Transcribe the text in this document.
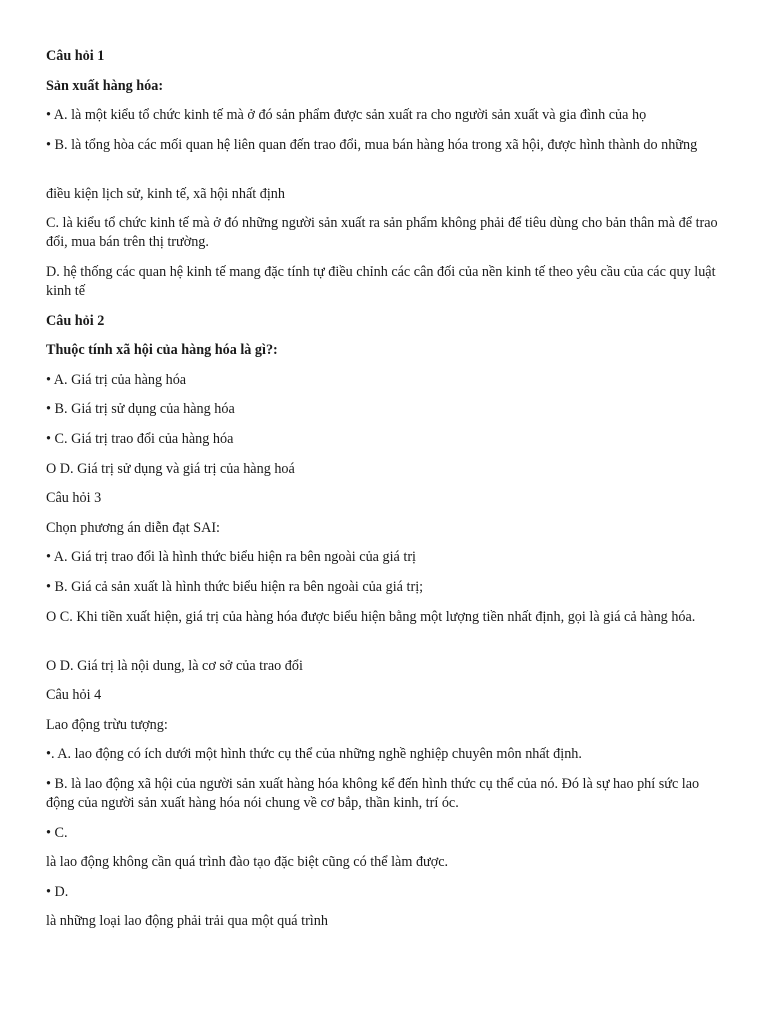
Câu hỏi 1

Sản xuất hàng hóa:

• A. là một kiểu tổ chức kinh tế mà ở đó sản phẩm được sản xuất ra cho người sản xuất và gia đình của họ

• B. là tổng hòa các mối quan hệ liên quan đến trao đổi, mua bán hàng hóa trong xã hội, được hình thành do những

điều kiện lịch sử, kinh tế, xã hội nhất định

C. là kiểu tổ chức kinh tế mà ở đó những người sản xuất ra sản phẩm không phải để tiêu dùng cho bản thân mà để trao đổi, mua bán trên thị trường.

D. hệ thống các quan hệ kinh tế mang đặc tính tự điều chỉnh các cân đối của nền kinh tế theo yêu cầu của các quy luật kinh tế

Câu hỏi 2

Thuộc tính xã hội của hàng hóa là gì?:

• A. Giá trị của hàng hóa

• B. Giá trị sử dụng của hàng hóa

• C. Giá trị trao đổi của hàng hóa

O D. Giá trị sử dụng và giá trị của hàng hoá

Câu hỏi 3

Chọn phương án diễn đạt SAI:

• A. Giá trị trao đổi là hình thức biểu hiện ra bên ngoài của giá trị

• B. Giá cả sản xuất là hình thức biểu hiện ra bên ngoài của giá trị;

O C. Khi tiền xuất hiện, giá trị của hàng hóa được biểu hiện bằng một lượng tiền nhất định, gọi là giá cả hàng hóa.

O D. Giá trị là nội dung, là cơ sở của trao đổi

Câu hỏi 4

Lao động trừu tượng:

•. A. lao động có ích dưới một hình thức cụ thể của những nghề nghiệp chuyên môn nhất định.

• B. là lao động xã hội của người sản xuất hàng hóa không kể đến hình thức cụ thể của nó. Đó là sự hao phí sức lao động của người sản xuất hàng hóa nói chung về cơ bắp, thần kinh, trí óc.

• C.

là lao động không cần quá trình đào tạo đặc biệt cũng có thể làm được.

• D.

là những loại lao động phải trải qua một quá trình
